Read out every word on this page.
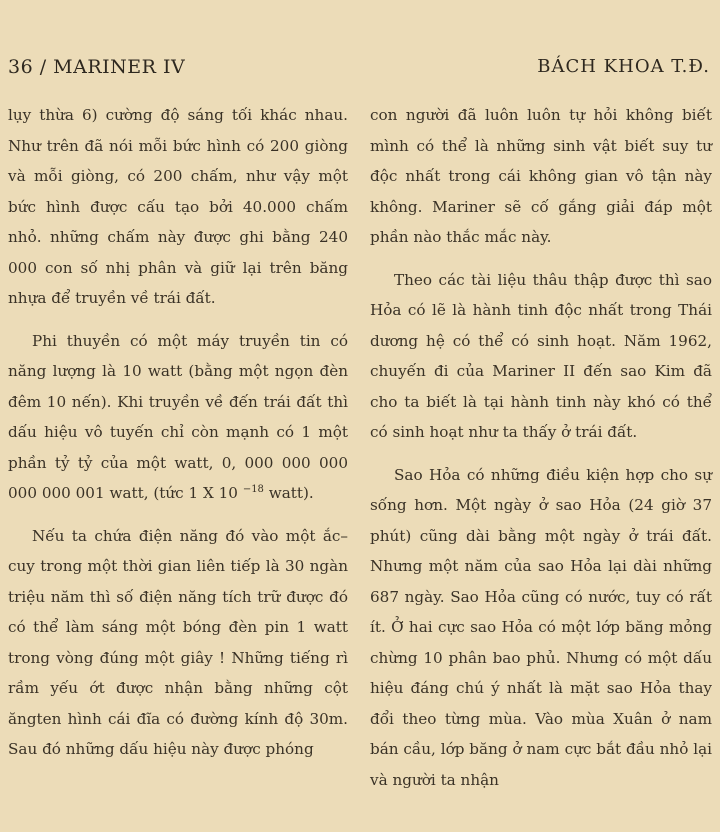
36 / MARINER IV	BÁCH KHOA T.Đ.

lụy thừa 6) cường độ sáng tối khác nhau. Như trên đã nói mỗi bức hình có 200 giòng và mỗi giòng, có 200 chấm, như vậy một bức hình được cấu tạo bởi 40.000 chấm nhỏ. những chấm này được ghi bằng 240 000 con số nhị phân và giữ lại trên băng nhựa để truyền về trái đất.

Phi thuyền có một máy truyền tin có năng lượng là 10 watt (bằng một ngọn đèn đêm 10 nến). Khi truyền về đến trái đất thì dấu hiệu vô tuyến chỉ còn mạnh có 1 một phần tỷ tỷ của một watt, 0, 000 000 000 000 000 001 watt, (tức 1 X 10 $^{-18}$ watt).

Nếu ta chứa điện năng đó vào một ắc–cuy trong một thời gian liên tiếp là 30 ngàn triệu năm thì số điện năng tích trữ được đó có thể làm sáng một bóng đèn pin 1 watt trong vòng đúng một giây ! Những tiếng rì rầm yếu ớt được nhận bằng những cột ăngten hình cái đĩa có đường kính độ 30m. Sau đó những dấu hiệu này được phóng

con người đã luôn luôn tự hỏi không biết mình có thể là những sinh vật biết suy tư độc nhất trong cái không gian vô tận này không. Mariner sẽ cố gắng giải đáp một phần nào thắc mắc này.

Theo các tài liệu thâu thập được thì sao Hỏa có lẽ là hành tinh độc nhất trong Thái dương hệ có thể có sinh hoạt. Năm 1962, chuyến đi của Mariner II đến sao Kim đã cho ta biết là tại hành tinh này khó có thể có sinh hoạt như ta thấy ở trái đất.

Sao Hỏa có những điều kiện hợp cho sự sống hơn. Một ngày ở sao Hỏa (24 giờ 37 phút) cũng dài bằng một ngày ở trái đất. Nhưng một năm của sao Hỏa lại dài những 687 ngày. Sao Hỏa cũng có nước, tuy có rất ít. Ở hai cực sao Hỏa có một lớp băng mỏng chừng 10 phân bao phủ. Nhưng có một dấu hiệu đáng chú ý nhất là mặt sao Hỏa thay đổi theo từng mùa. Vào mùa Xuân ở nam bán cầu, lớp băng ở nam cực bắt đầu nhỏ lại và người ta nhận
